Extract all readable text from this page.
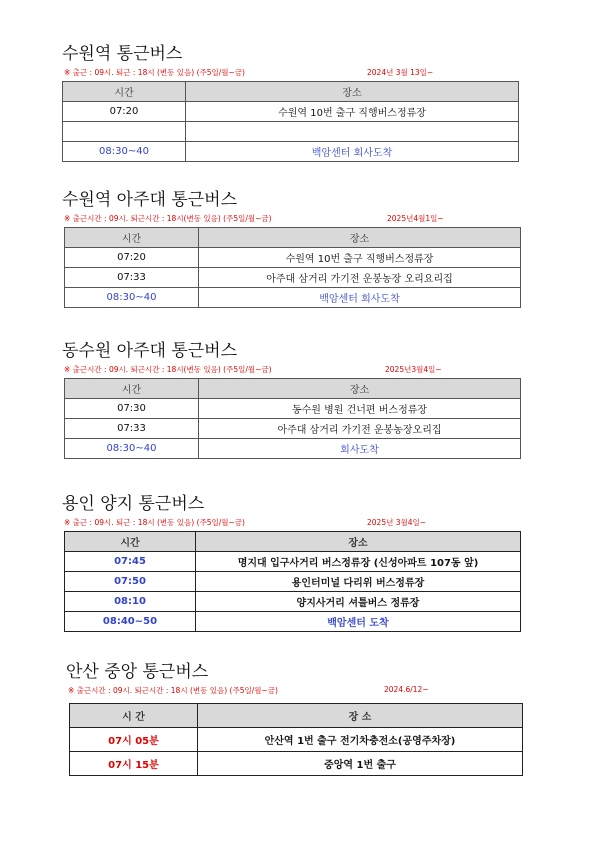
수원역 통근버스
※ 출근 : 09시. 퇴근 : 18시 (변동 있음) (주5일/월~금)	2024년 3월 13일~
시간	장소
07:20	수원역 10번 출구 직행버스정류장

08:30~40	백암센터 회사도착
수원역 아주대 통근버스
※ 출근시간 : 09시. 퇴근시간 : 18시(변동 있음) (주5일/월~금)	2025년4월1일~
시간	장소
07:20	수원역 10번 출구 직행버스정류장
07:33	아주대 삼거리 가기전 운봉농장 오리요리집
08:30~40	백암센터 회사도착
동수원 아주대 통근버스
※ 출근시간 : 09시. 퇴근시간 : 18시(변동 있음) (주5일/월~금)	2025년3월4일~
시간	장소
07:30	동수원 병원 건너편 버스정류장
07:33	아주대 삼거리 가기전 운봉농장오리집
08:30~40	회사도착
용인 양지 통근버스
※ 출근 : 09시. 퇴근 : 18시 (변동 있음) (주5일/월~금)	2025년 3월4일~
시간	장소
07:45	명지대 입구사거리 버스정류장 (신성아파트 107동 앞)
07:50	용인터미널 다리위 버스정류장
08:10	양지사거리 셔틀버스 정류장
08:40~50	백암센터 도착
안산 중앙 통근버스
※ 출근시간 : 09시. 퇴근시간 : 18시 (변동 있음) (주5일/월~금)	2024.6/12~
시 간	장 소
07시 05분	안산역 1번 출구 전기차충전소(공영주차장)
07시 15분	중앙역 1번 출구
